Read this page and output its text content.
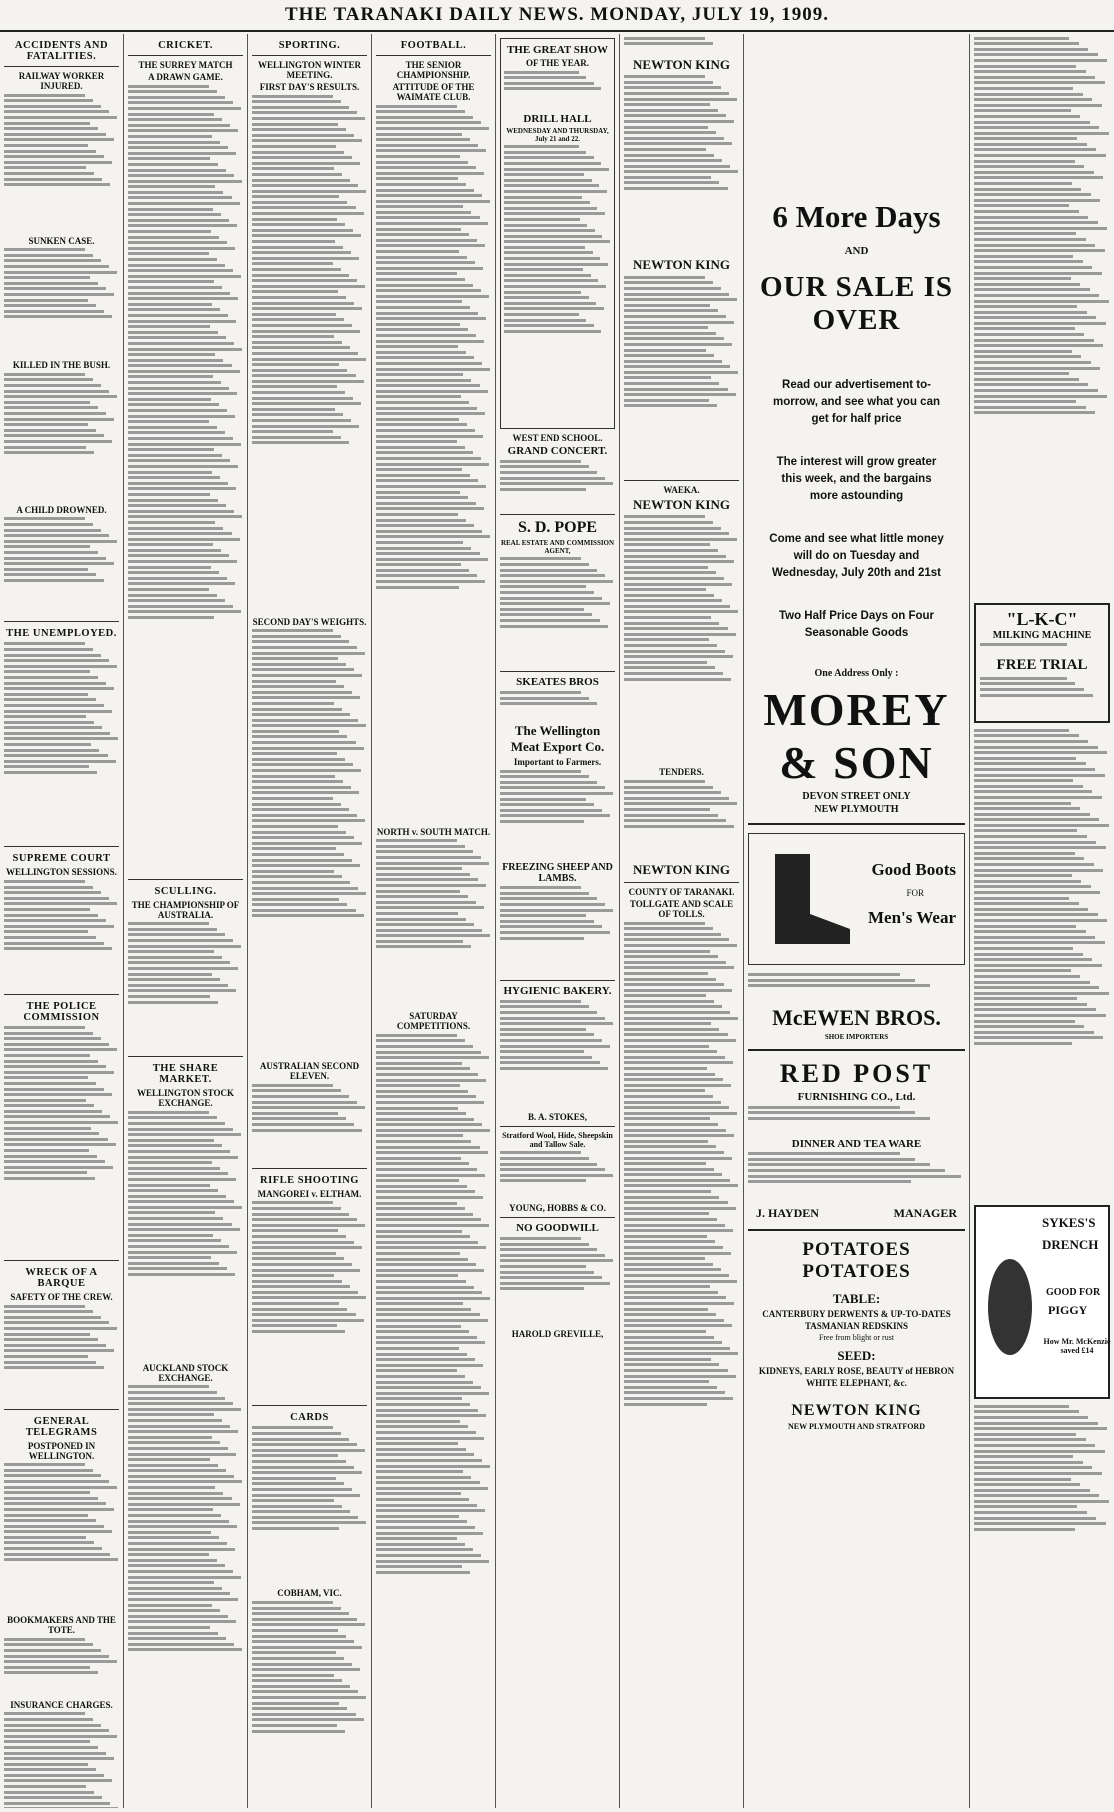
THE TARANAKI DAILY NEWS. MONDAY, JULY 19, 1909.
ACCIDENTS AND FATALITIES.
RAILWAY WORKER INJURED.
SUNKEN CASE.
KILLED IN THE BUSH.
A CHILD DROWNED.
THE UNEMPLOYED.
SUPREME COURT
WELLINGTON SESSIONS.
THE POLICE COMMISSION
WRECK OF A BARQUE
SAFETY OF THE CREW.
GENERAL TELEGRAMS
POSTPONED IN WELLINGTON.
BOOKMAKERS AND THE TOTE.
INSURANCE CHARGES.
CRICKET.
THE SURREY MATCH
A DRAWN GAME.
SCULLING.
THE CHAMPIONSHIP OF AUSTRALIA.
THE SHARE MARKET.
WELLINGTON STOCK EXCHANGE.
AUCKLAND STOCK EXCHANGE.
SPORTING.
WELLINGTON WINTER MEETING.
FIRST DAY'S RESULTS.
SECOND DAY'S WEIGHTS.
AUSTRALIAN SECOND ELEVEN.
RIFLE SHOOTING
MANGOREI v. ELTHAM.
CARDS
COBHAM, VIC.
FOOTBALL.
THE SENIOR CHAMPIONSHIP.
ATTITUDE OF THE WAIMATE CLUB.
NORTH v. SOUTH MATCH.
SATURDAY COMPETITIONS.
THE GREAT SHOW
OF THE YEAR.
DRILL HALL
WEDNESDAY AND THURSDAY, July 21 and 22.
WEST END SCHOOL.
GRAND CONCERT.
S. D. POPE
REAL ESTATE AND COMMISSION AGENT,
SKEATES BROS
The Wellington Meat Export Co.
Important to Farmers.
FREEZING SHEEP AND LAMBS.
HYGIENIC BAKERY.
B. A. STOKES,
Stratford Wool, Hide, Sheepskin and Tallow Sale.
YOUNG, HOBBS & CO.
NO GOODWILL
HAROLD GREVILLE,
NEWTON KING
NEWTON KING
WAEKA.
NEWTON KING
TENDERS.
NEWTON KING
COUNTY OF TARANAKI.
TOLLGATE AND SCALE OF TOLLS.
6 More Days
AND
OUR SALE IS OVER
Read our advertisement to-morrow, and see what you can get for half price
The interest will grow greater this week, and the bargains more astounding
Come and see what little money will do on Tuesday and Wednesday, July 20th and 21st
Two Half Price Days on Four Seasonable Goods
One Address Only :
MOREY & SON
DEVON STREET ONLY
NEW PLYMOUTH
Good Boots
FOR
Men's Wear
McEWEN BROS.
SHOE IMPORTERS
RED POST
FURNISHING CO., Ltd.
DINNER AND TEA WARE
J. HAYDEN	MANAGER
POTATOES POTATOES
TABLE:
CANTERBURY DERWENTS & UP-TO-DATES
TASMANIAN REDSKINS
Free from blight or rust
SEED:
KIDNEYS, EARLY ROSE, BEAUTY of HEBRON
WHITE ELEPHANT, &c.
NEWTON KING
NEW PLYMOUTH AND STRATFORD
"L-K-C"
MILKING MACHINE
FREE TRIAL
SYKES'S
DRENCH
GOOD FOR
PIGGY
How Mr. McKenzie saved £14
